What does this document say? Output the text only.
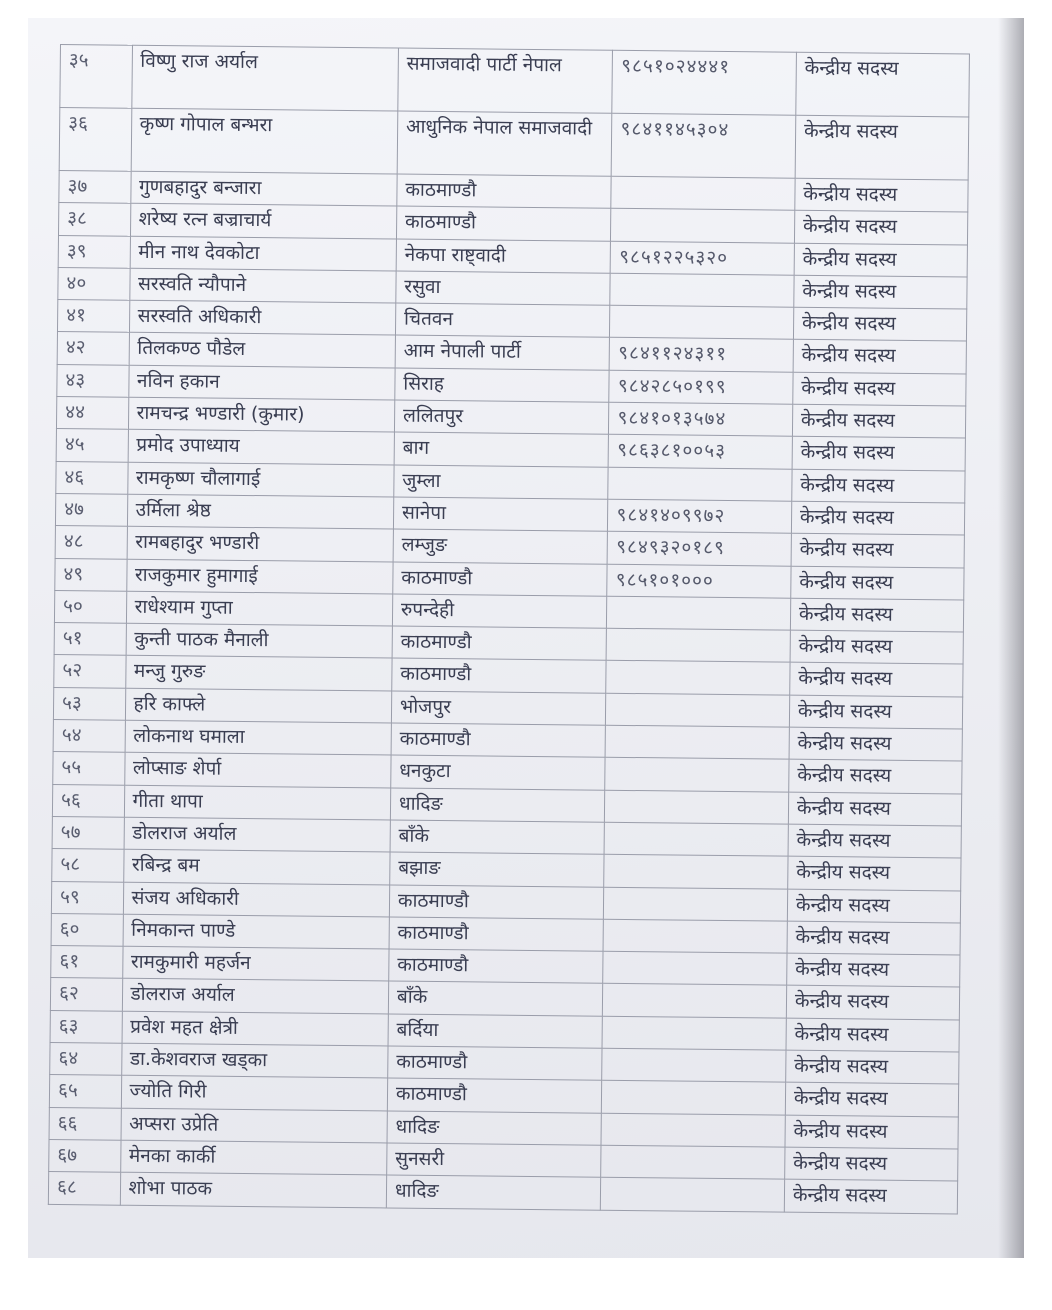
३५	विष्णु राज अर्याल	समाजवादी पार्टी नेपाल	९८५१०२४४४१	केन्द्रीय सदस्य
३६	कृष्ण गोपाल बन्भरा	आधुनिक नेपाल समाजवादी	९८४११४५३०४	केन्द्रीय सदस्य
३७	गुणबहादुर बन्जारा	काठमाण्डौ		केन्द्रीय सदस्य
३८	शरेष्य रत्न बज्राचार्य	काठमाण्डौ		केन्द्रीय सदस्य
३९	मीन नाथ देवकोटा	नेकपा राष्ट्वादी	९८५१२२५३२०	केन्द्रीय सदस्य
४०	सरस्वति न्यौपाने	रसुवा		केन्द्रीय सदस्य
४१	सरस्वति अधिकारी	चितवन		केन्द्रीय सदस्य
४२	तिलकण्ठ पौडेल	आम नेपाली पार्टी	९८४११२४३११	केन्द्रीय सदस्य
४३	नविन हकान	सिराह	९८४२८५०१९९	केन्द्रीय सदस्य
४४	रामचन्द्र भण्डारी (कुमार)	ललितपुर	९८४१०१३५७४	केन्द्रीय सदस्य
४५	प्रमोद उपाध्याय	बाग	९८६३८१००५३	केन्द्रीय सदस्य
४६	रामकृष्ण चौलागाई	जुम्ला		केन्द्रीय सदस्य
४७	उर्मिला श्रेष्ठ	सानेपा	९८४१४०९९७२	केन्द्रीय सदस्य
४८	रामबहादुर भण्डारी	लम्जुङ	९८४९३२०१८९	केन्द्रीय सदस्य
४९	राजकुमार हुमागाई	काठमाण्डौ	९८५१०१०००	केन्द्रीय सदस्य
५०	राधेश्याम गुप्ता	रुपन्देही		केन्द्रीय सदस्य
५१	कुन्ती पाठक मैनाली	काठमाण्डौ		केन्द्रीय सदस्य
५२	मन्जु गुरुङ	काठमाण्डौ		केन्द्रीय सदस्य
५३	हरि काफ्ले	भोजपुर		केन्द्रीय सदस्य
५४	लोकनाथ घमाला	काठमाण्डौ		केन्द्रीय सदस्य
५५	लोप्साङ शेर्पा	धनकुटा		केन्द्रीय सदस्य
५६	गीता थापा	धादिङ		केन्द्रीय सदस्य
५७	डोलराज अर्याल	बाँके		केन्द्रीय सदस्य
५८	रबिन्द्र बम	बझाङ		केन्द्रीय सदस्य
५९	संजय अधिकारी	काठमाण्डौ		केन्द्रीय सदस्य
६०	निमकान्त पाण्डे	काठमाण्डौ		केन्द्रीय सदस्य
६१	रामकुमारी महर्जन	काठमाण्डौ		केन्द्रीय सदस्य
६२	डोलराज अर्याल	बाँके		केन्द्रीय सदस्य
६३	प्रवेश महत क्षेत्री	बर्दिया		केन्द्रीय सदस्य
६४	डा.केशवराज खड्का	काठमाण्डौ		केन्द्रीय सदस्य
६५	ज्योति गिरी	काठमाण्डौ		केन्द्रीय सदस्य
६६	अप्सरा उप्रेति	धादिङ		केन्द्रीय सदस्य
६७	मेनका कार्की	सुनसरी		केन्द्रीय सदस्य
६८	शोभा पाठक	धादिङ		केन्द्रीय सदस्य
